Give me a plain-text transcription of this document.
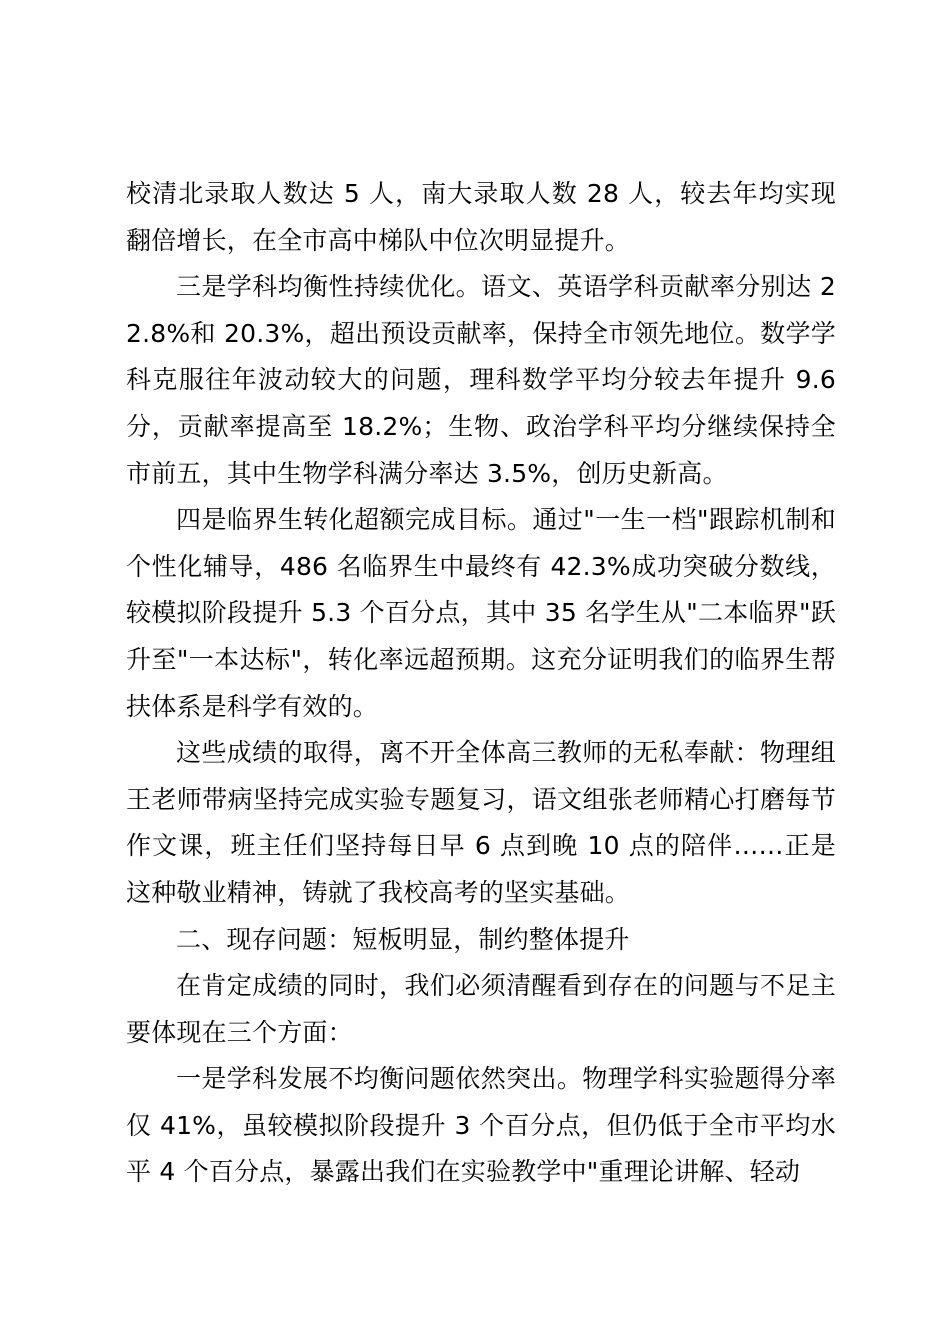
校清北录取人数达 5 人，南大录取人数 28 人，较去年均实现翻倍增长，在全市高中梯队中位次明显提升。

三是学科均衡性持续优化。语文、英语学科贡献率分别达 22.8%和 20.3%，超出预设贡献率，保持全市领先地位。数学学科克服往年波动较大的问题，理科数学平均分较去年提升 9.6 分，贡献率提高至 18.2%；生物、政治学科平均分继续保持全市前五，其中生物学科满分率达 3.5%，创历史新高。

四是临界生转化超额完成目标。通过"一生一档"跟踪机制和个性化辅导，486 名临界生中最终有 42.3%成功突破分数线，较模拟阶段提升 5.3 个百分点，其中 35 名学生从"二本临界"跃升至"一本达标"，转化率远超预期。这充分证明我们的临界生帮扶体系是科学有效的。

这些成绩的取得，离不开全体高三教师的无私奉献：物理组王老师带病坚持完成实验专题复习，语文组张老师精心打磨每节作文课，班主任们坚持每日早 6 点到晚 10 点的陪伴……正是这种敬业精神，铸就了我校高考的坚实基础。

二、现存问题：短板明显，制约整体提升

在肯定成绩的同时，我们必须清醒看到存在的问题与不足主要体现在三个方面：

一是学科发展不均衡问题依然突出。物理学科实验题得分率仅 41%，虽较模拟阶段提升 3 个百分点，但仍低于全市平均水平 4 个百分点，暴露出我们在实验教学中"重理论讲解、轻动
